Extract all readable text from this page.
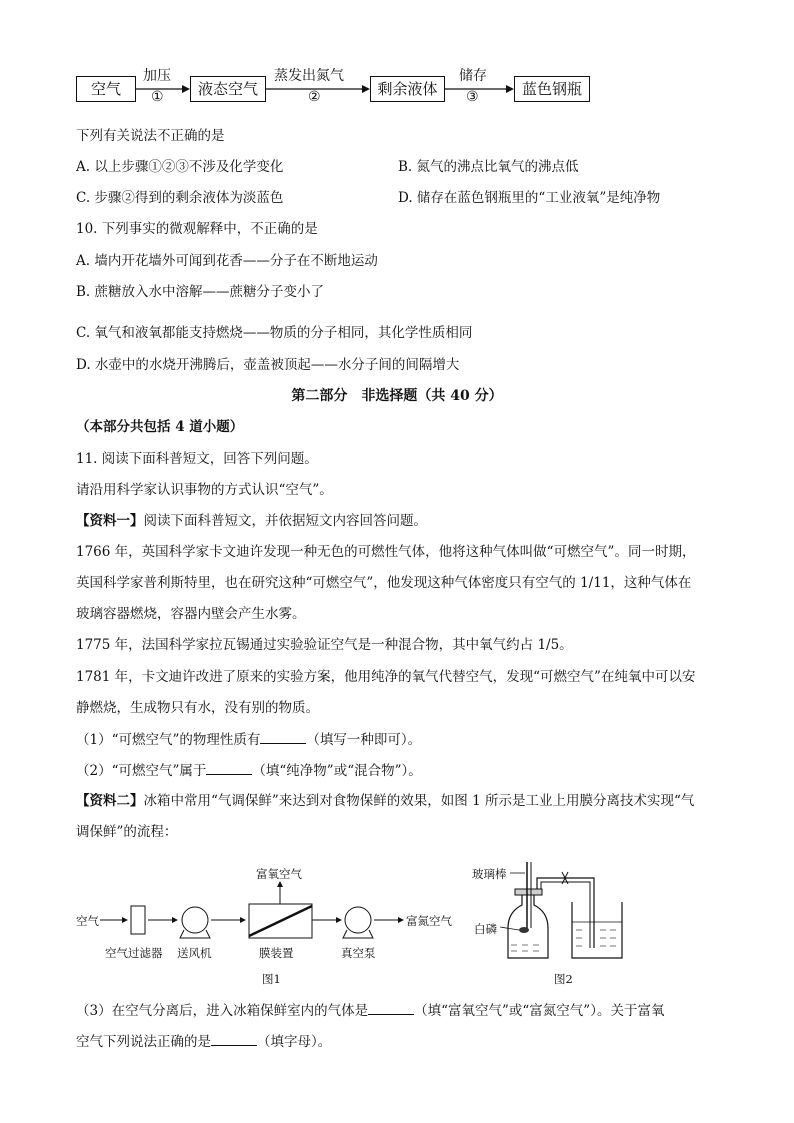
空气	液态空气	剩余液体	蓝色钢瓶
加压
①
蒸发出氮气
②
储存
③
下列有关说法不正确的是
A. 以上步骤①②③不涉及化学变化	B. 氮气的沸点比氧气的沸点低
C. 步骤②得到的剩余液体为淡蓝色	D. 储存在蓝色钢瓶里的“工业液氧”是纯净物
10. 下列事实的微观解释中，不正确的是
A. 墙内开花墙外可闻到花香——分子在不断地运动
B. 蔗糖放入水中溶解——蔗糖分子变小了
C. 氧气和液氧都能支持燃烧——物质的分子相同，其化学性质相同
D. 水壶中的水烧开沸腾后，壶盖被顶起——水分子间的间隔增大
第二部分　非选择题（共 40 分）
（本部分共包括 4 道小题）
11. 阅读下面科普短文，回答下列问题。
请沿用科学家认识事物的方式认识“空气”。
【资料一】阅读下面科普短文，并依据短文内容回答问题。
1766 年，英国科学家卡文迪许发现一种无色的可燃性气体，他将这种气体叫做“可燃空气”。同一时期，
英国科学家普利斯特里，也在研究这种“可燃空气”，他发现这种气体密度只有空气的 1/11，这种气体在
玻璃容器燃烧，容器内壁会产生水雾。
1775 年，法国科学家拉瓦锡通过实验验证空气是一种混合物，其中氧气约占 1/5。
1781 年，卡文迪许改进了原来的实验方案，他用纯净的氧气代替空气，发现“可燃空气”在纯氧中可以安
静燃烧，生成物只有水，没有别的物质。
（1）“可燃空气”的物理性质有	（填写一种即可）。
（2）“可燃空气”属于	（填“纯净物”或“混合物”）。
【资料二】冰箱中常用“气调保鲜”来达到对食物保鲜的效果，如图 1 所示是工业上用膜分离技术实现“气
调保鲜”的流程：
富氧空气
空气	富氮空气
空气过滤器 送风机	膜装置	真空泵
图1
玻璃棒
白磷
图2
（3）在空气分离后，进入冰箱保鲜室内的气体是	（填“富氧空气”或“富氮空气”）。关于富氧
空气下列说法正确的是	（填字母）。
